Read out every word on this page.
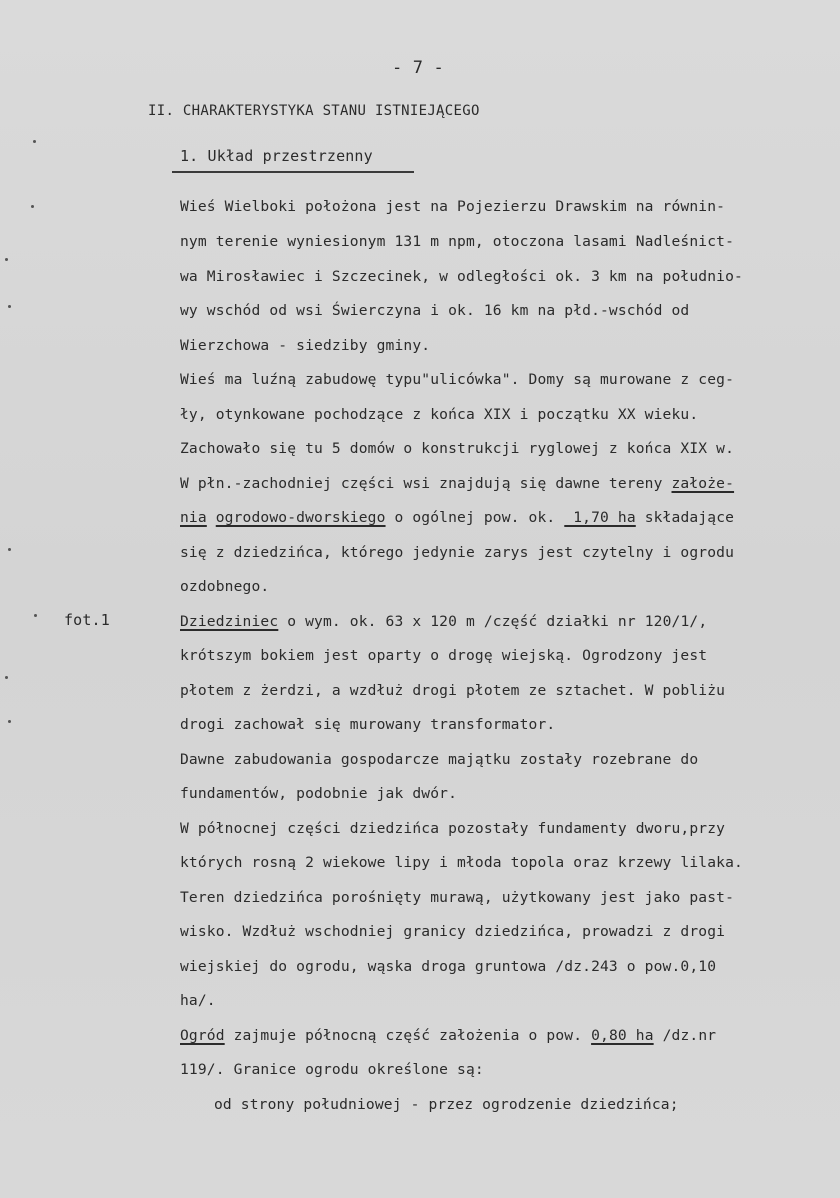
- 7 -
II. CHARAKTERYSTYKA STANU ISTNIEJĄCEGO
1. Układ przestrzenny
Wieś Wielboki położona jest na Pojezierzu Drawskim na równin-
nym terenie wyniesionym 131 m npm, otoczona lasami Nadleśnict-
wa Mirosławiec i Szczecinek, w odległości ok. 3 km na południo-
wy wschód od wsi Świerczyna i ok. 16 km na płd.-wschód od
Wierzchowa - siedziby gminy.
Wieś ma luźną zabudowę typu"ulicówka". Domy są murowane z ceg-
ły, otynkowane pochodzące z końca XIX i początku XX wieku.
Zachowało się tu 5 domów o konstrukcji ryglowej z końca XIX w.
W płn.-zachodniej części wsi znajdują się dawne tereny założe-
nia ogrodowo-dworskiego o ogólnej pow. ok.  1,70 ha składające
się z dziedzińca, którego jedynie zarys jest czytelny i ogrodu
ozdobnego.
fot.1	Dziedziniec o wym. ok. 63 x 120 m /część działki nr 120/1/,
krótszym bokiem jest oparty o drogę wiejską. Ogrodzony jest
płotem z żerdzi, a wzdłuż drogi płotem ze sztachet. W pobliżu
drogi zachował się murowany transformator.
Dawne zabudowania gospodarcze majątku zostały rozebrane do
fundamentów, podobnie jak dwór.
W północnej części dziedzińca pozostały fundamenty dworu,przy
których rosną 2 wiekowe lipy i młoda topola oraz krzewy lilaka.
Teren dziedzińca porośnięty murawą, użytkowany jest jako past-
wisko. Wzdłuż wschodniej granicy dziedzińca, prowadzi z drogi
wiejskiej do ogrodu, wąska droga gruntowa /dz.243 o pow.0,10
ha/.
Ogród zajmuje północną część założenia o pow. 0,80 ha /dz.nr
119/. Granice ogrodu określone są:
od strony południowej - przez ogrodzenie dziedzińca;
